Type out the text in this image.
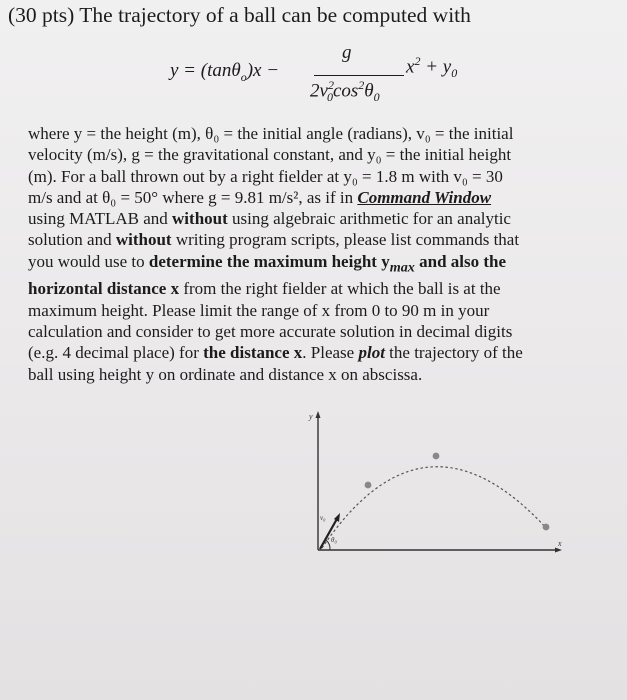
(30 pts) The trajectory of a ball can be computed with
y = (tanθ$_o$)x −
g
$2v^2_0\cos^2\theta_0$
$x^2 + y_0$
where y = the height (m), θ₀ = the initial angle (radians), v₀ = the initial
velocity (m/s), g = the gravitational constant, and y₀ = the initial height
(m). For a ball thrown out by a right fielder at y₀ = 1.8 m with v₀ = 30
m/s and at θ₀ = 50° where g = 9.81 m/s², as if in Command Window
using MATLAB and without using algebraic arithmetic for an analytic
solution and without writing program scripts, please list commands that
you would use to determine the maximum height $y_{max}$ and also the
horizontal distance x from the right fielder at which the ball is at the
maximum height. Please limit the range of x from 0 to 90 m in your
calculation and consider to get more accurate solution in decimal digits
(e.g. 4 decimal place) for the distance x. Please plot the trajectory of the
ball using height y on ordinate and distance x on abscissa.
y
x
v₀
θ₀
